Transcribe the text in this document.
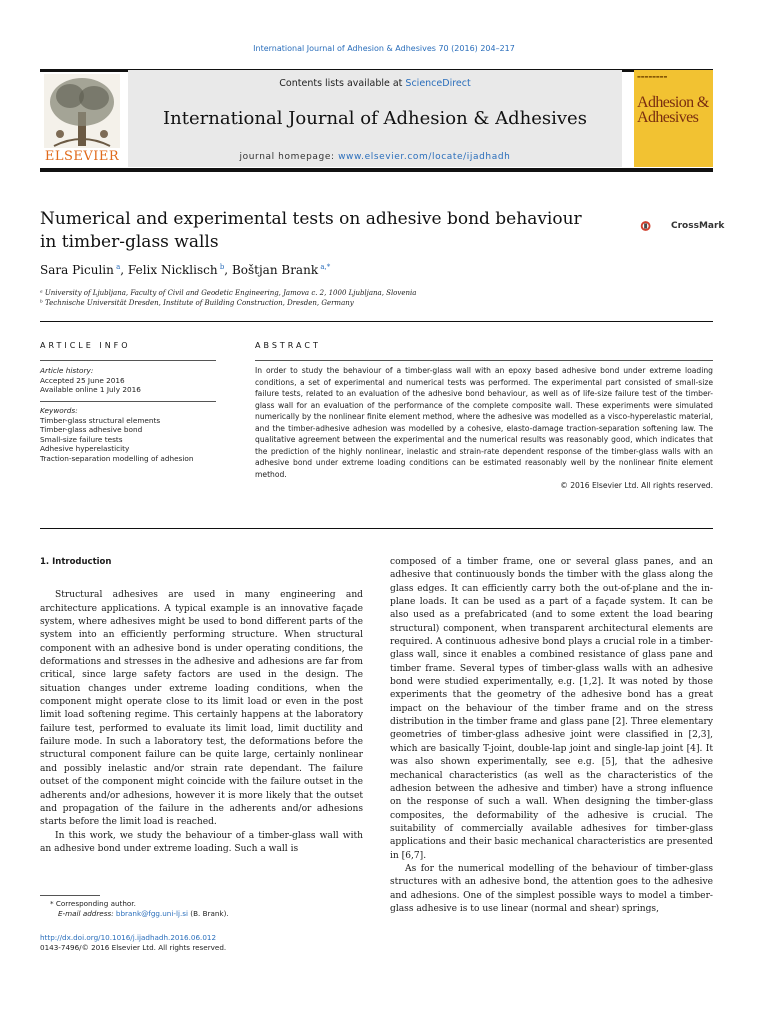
International Journal of Adhesion & Adhesives 70 (2016) 204–217
Contents lists available at ScienceDirect
International Journal of Adhesion & Adhesives
journal homepage: www.elsevier.com/locate/ijadhadh
ELSEVIER
▬▬▬▬▬▬▬▬
Adhesion &
Adhesives
Numerical and experimental tests on adhesive bond behaviour
in timber-glass walls
CrossMark
Sara Piculin $^a$, Felix Nicklisch $^b$, Boštjan Brank $^{a,*}$
ᵃ University of Ljubljana, Faculty of Civil and Geodetic Engineering, Jamova c. 2, 1000 Ljubljana, Slovenia
ᵇ Technische Universität Dresden, Institute of Building Construction, Dresden, Germany
ARTICLE INFO
Article history:
Accepted 25 June 2016
Available online 1 July 2016
Keywords:
Timber-glass structural elements
Timber-glass adhesive bond
Small-size failure tests
Adhesive hyperelasticity
Traction-separation modelling of adhesion
ABSTRACT
In order to study the behaviour of a timber-glass wall with an epoxy based adhesive bond under extreme loading conditions, a set of experimental and numerical tests was performed. The experimental part consisted of small-size failure tests, related to an evaluation of the adhesive bond behaviour, as well as of life-size failure test of the timber-glass wall for an evaluation of the performance of the complete composite wall. These experiments were simulated numerically by the nonlinear finite element method, where the adhesive was modelled as a visco-hyperelastic material, and the timber-adhesive adhesion was modelled by a cohesive, elasto-damage traction-separation softening law. The qualitative agreement between the experimental and the numerical results was reasonably good, which indicates that the prediction of the highly nonlinear, inelastic and strain-rate dependent response of the timber-glass walls with an adhesive bond under extreme loading conditions can be estimated reasonably well by the nonlinear finite element method.
© 2016 Elsevier Ltd. All rights reserved.

1. Introduction

Structural adhesives are used in many engineering and architecture applications. A typical example is an innovative façade system, where adhesives might be used to bond different parts of the system into an efficiently performing structure. When structural component with an adhesive bond is under operating conditions, the deformations and stresses in the adhesive and adhesions are far from critical, since large safety factors are used in the design. The situation changes under extreme loading conditions, when the component might operate close to its limit load or even in the post limit load softening regime. This certainly happens at the laboratory failure test, performed to evaluate its limit load, limit ductility and failure mode. In such a laboratory test, the deformations before the structural component failure can be quite large, certainly nonlinear and possibly inelastic and/or strain rate dependant. The failure outset of the component might coincide with the failure outset in the adherents and/or adhesions, however it is more likely that the outset and propagation of the failure in the adherents and/or adhesions starts before the limit load is reached.

In this work, we study the behaviour of a timber-glass wall with an adhesive bond under extreme loading. Such a wall is

composed of a timber frame, one or several glass panes, and an adhesive that continuously bonds the timber with the glass along the glass edges. It can efficiently carry both the out-of-plane and the in-plane loads. It can be used as a part of a façade system. It can be also used as a prefabricated (and to some extent the load bearing structural) component, when transparent architectural elements are required. A continuous adhesive bond plays a crucial role in a timber-glass wall, since it enables a combined resistance of glass pane and timber frame. Several types of timber-glass walls with an adhesive bond were studied experimentally, e.g. [1,2]. It was noted by those experiments that the geometry of the adhesive bond has a great impact on the behaviour of the timber frame and on the stress distribution in the timber frame and glass pane [2]. Three elementary geometries of timber-glass adhesive joint were classified in [2,3], which are basically T-joint, double-lap joint and single-lap joint [4]. It was also shown experimentally, see e.g. [5], that the adhesive mechanical characteristics (as well as the characteristics of the adhesion between the adhesive and timber) have a strong influence on the response of such a wall. When designing the timber-glass composites, the deformability of the adhesive is crucial. The suitability of commercially available adhesives for timber-glass applications and their basic mechanical characteristics are presented in [6,7].

As for the numerical modelling of the behaviour of timber-glass structures with an adhesive bond, the attention goes to the adhesive and adhesions. One of the simplest possible ways to model a timber-glass adhesive is to use linear (normal and shear) springs,

* Corresponding author.
E-mail address: bbrank@fgg.uni-lj.si (B. Brank).
http://dx.doi.org/10.1016/j.ijadhadh.2016.06.012
0143-7496/© 2016 Elsevier Ltd. All rights reserved.
